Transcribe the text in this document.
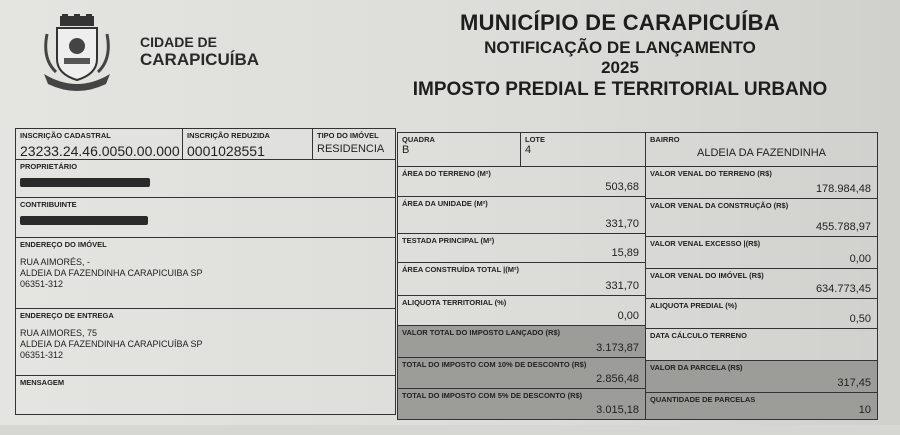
CIDADE DE
CARAPICUÍBA
MUNICÍPIO DE CARAPICUÍBA
NOTIFICAÇÃO DE LANÇAMENTO
2025
IMPOSTO PREDIAL E TERRITORIAL URBANO
INSCRIÇÃO CADASTRAL
23233.24.46.0050.00.000
INSCRIÇÃO REDUZIDA
0001028551
TIPO DO IMÓVEL
RESIDENCIA
PROPRIETÁRIO
CONTRIBUINTE
ENDEREÇO DO IMÓVEL
RUA AIMORÉS, -
ALDEIA DA FAZENDINHA CARAPICUIBA SP
06351-312
ENDEREÇO DE ENTREGA
RUA AIMORES, 75
ALDEIA DA FAZENDINHA CARAPICUÍBA SP
06351-312
MENSAGEM
QUADRA
B
LOTE
4
ÁREA DO TERRENO (M²)
503,68
ÁREA DA UNIDADE (M²)
331,70
TESTADA PRINCIPAL (M²)
15,89
ÁREA CONSTRUÍDA TOTAL |(M²)
331,70
ALIQUOTA TERRITORIAL (%)
0,00
VALOR TOTAL DO IMPOSTO LANÇADO (R$)
3.173,87
TOTAL DO IMPOSTO COM 10% DE DESCONTO (R$)
2.856,48
TOTAL DO IMPOSTO COM 5% DE DESCONTO (R$)
3.015,18
BAIRRO
ALDEIA DA FAZENDINHA
VALOR VENAL DO TERRENO (R$)
178.984,48
VALOR VENAL DA CONSTRUÇÃO (R$)
455.788,97
VALOR VENAL EXCESSO |(R$)
0,00
VALOR VENAL DO IMÓVEL (R$)
634.773,45
ALIQUOTA PREDIAL (%)
0,50
DATA CÁLCULO TERRENO
VALOR DA PARCELA (R$)
317,45
QUANTIDADE DE PARCELAS
10
